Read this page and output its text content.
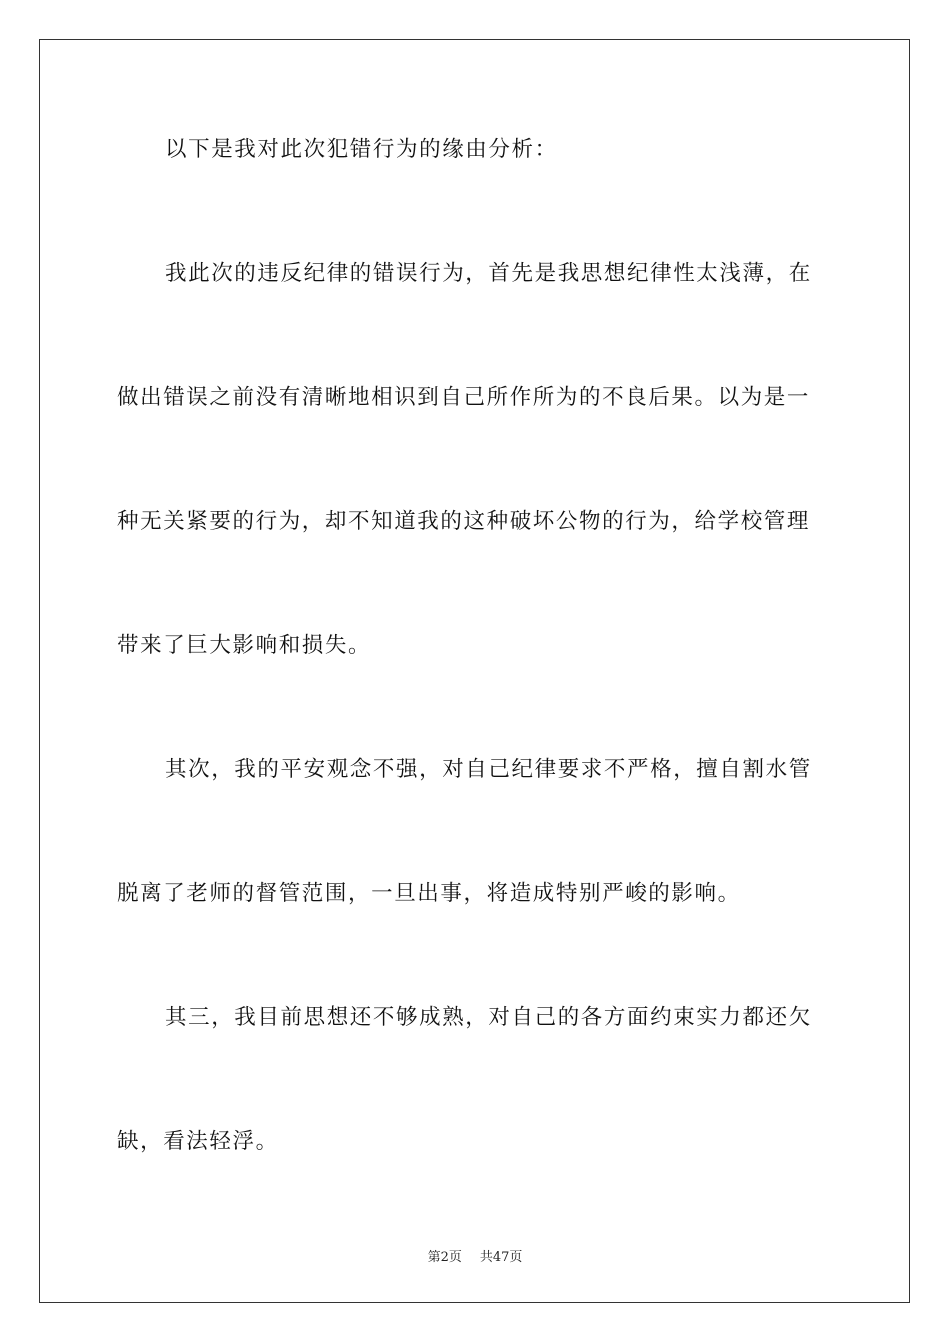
以下是我对此次犯错行为的缘由分析：
我此次的违反纪律的错误行为，首先是我思想纪律性太浅薄，在
做出错误之前没有清晰地相识到自己所作所为的不良后果。以为是一
种无关紧要的行为，却不知道我的这种破坏公物的行为，给学校管理
带来了巨大影响和损失。
其次，我的平安观念不强，对自己纪律要求不严格，擅自割水管
脱离了老师的督管范围，一旦出事，将造成特别严峻的影响。
其三，我目前思想还不够成熟，对自己的各方面约束实力都还欠
缺，看法轻浮。
第2页 共47页
